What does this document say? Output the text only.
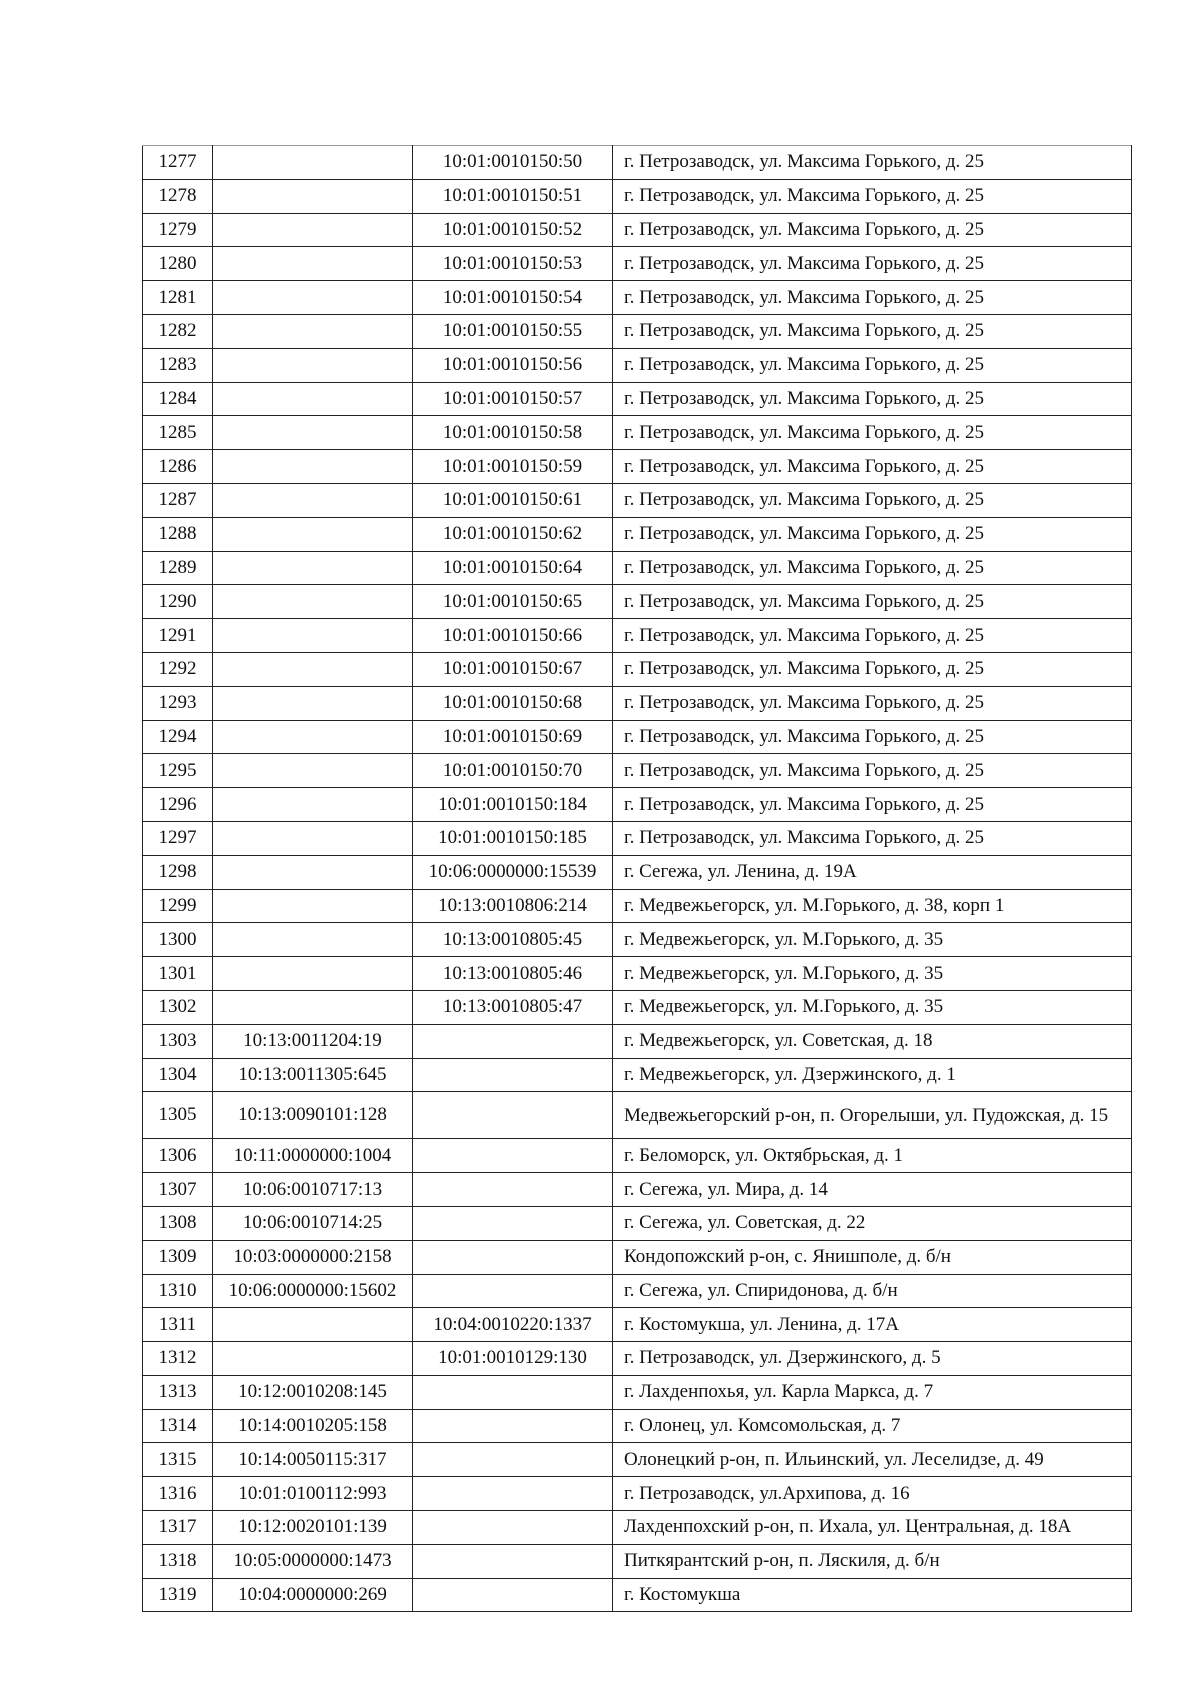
1277		10:01:0010150:50	г. Петрозаводск, ул. Максима Горького, д. 25
1278		10:01:0010150:51	г. Петрозаводск, ул. Максима Горького, д. 25
1279		10:01:0010150:52	г. Петрозаводск, ул. Максима Горького, д. 25
1280		10:01:0010150:53	г. Петрозаводск, ул. Максима Горького, д. 25
1281		10:01:0010150:54	г. Петрозаводск, ул. Максима Горького, д. 25
1282		10:01:0010150:55	г. Петрозаводск, ул. Максима Горького, д. 25
1283		10:01:0010150:56	г. Петрозаводск, ул. Максима Горького, д. 25
1284		10:01:0010150:57	г. Петрозаводск, ул. Максима Горького, д. 25
1285		10:01:0010150:58	г. Петрозаводск, ул. Максима Горького, д. 25
1286		10:01:0010150:59	г. Петрозаводск, ул. Максима Горького, д. 25
1287		10:01:0010150:61	г. Петрозаводск, ул. Максима Горького, д. 25
1288		10:01:0010150:62	г. Петрозаводск, ул. Максима Горького, д. 25
1289		10:01:0010150:64	г. Петрозаводск, ул. Максима Горького, д. 25
1290		10:01:0010150:65	г. Петрозаводск, ул. Максима Горького, д. 25
1291		10:01:0010150:66	г. Петрозаводск, ул. Максима Горького, д. 25
1292		10:01:0010150:67	г. Петрозаводск, ул. Максима Горького, д. 25
1293		10:01:0010150:68	г. Петрозаводск, ул. Максима Горького, д. 25
1294		10:01:0010150:69	г. Петрозаводск, ул. Максима Горького, д. 25
1295		10:01:0010150:70	г. Петрозаводск, ул. Максима Горького, д. 25
1296		10:01:0010150:184	г. Петрозаводск, ул. Максима Горького, д. 25
1297		10:01:0010150:185	г. Петрозаводск, ул. Максима Горького, д. 25
1298		10:06:0000000:15539	г. Сегежа, ул. Ленина, д. 19А
1299		10:13:0010806:214	г. Медвежьегорск, ул. М.Горького, д. 38, корп 1
1300		10:13:0010805:45	г. Медвежьегорск, ул. М.Горького, д. 35
1301		10:13:0010805:46	г. Медвежьегорск, ул. М.Горького, д. 35
1302		10:13:0010805:47	г. Медвежьегорск, ул. М.Горького, д. 35
1303	10:13:0011204:19		г. Медвежьегорск, ул. Советская, д. 18
1304	10:13:0011305:645		г. Медвежьегорск, ул. Дзержинского, д. 1
1305	10:13:0090101:128		Медвежьегорский р-он, п. Огорелыши, ул. Пудожская, д. 15
1306	10:11:0000000:1004		г. Беломорск, ул. Октябрьская, д. 1
1307	10:06:0010717:13		г. Сегежа, ул. Мира, д. 14
1308	10:06:0010714:25		г. Сегежа, ул. Советская, д. 22
1309	10:03:0000000:2158		Кондопожский р-он, с. Янишполе, д. б/н
1310	10:06:0000000:15602		г. Сегежа, ул. Спиридонова, д. б/н
1311		10:04:0010220:1337	г. Костомукша, ул. Ленина, д. 17А
1312		10:01:0010129:130	г. Петрозаводск, ул. Дзержинского, д. 5
1313	10:12:0010208:145		г. Лахденпохья, ул. Карла Маркса, д. 7
1314	10:14:0010205:158		г. Олонец, ул. Комсомольская, д. 7
1315	10:14:0050115:317		Олонецкий р-он, п. Ильинский, ул. Леселидзе, д. 49
1316	10:01:0100112:993		г. Петрозаводск, ул.Архипова, д. 16
1317	10:12:0020101:139		Лахденпохский р-он, п. Ихала, ул. Центральная, д. 18А
1318	10:05:0000000:1473		Питкярантский р-он, п. Ляскиля, д. б/н
1319	10:04:0000000:269		г. Костомукша
